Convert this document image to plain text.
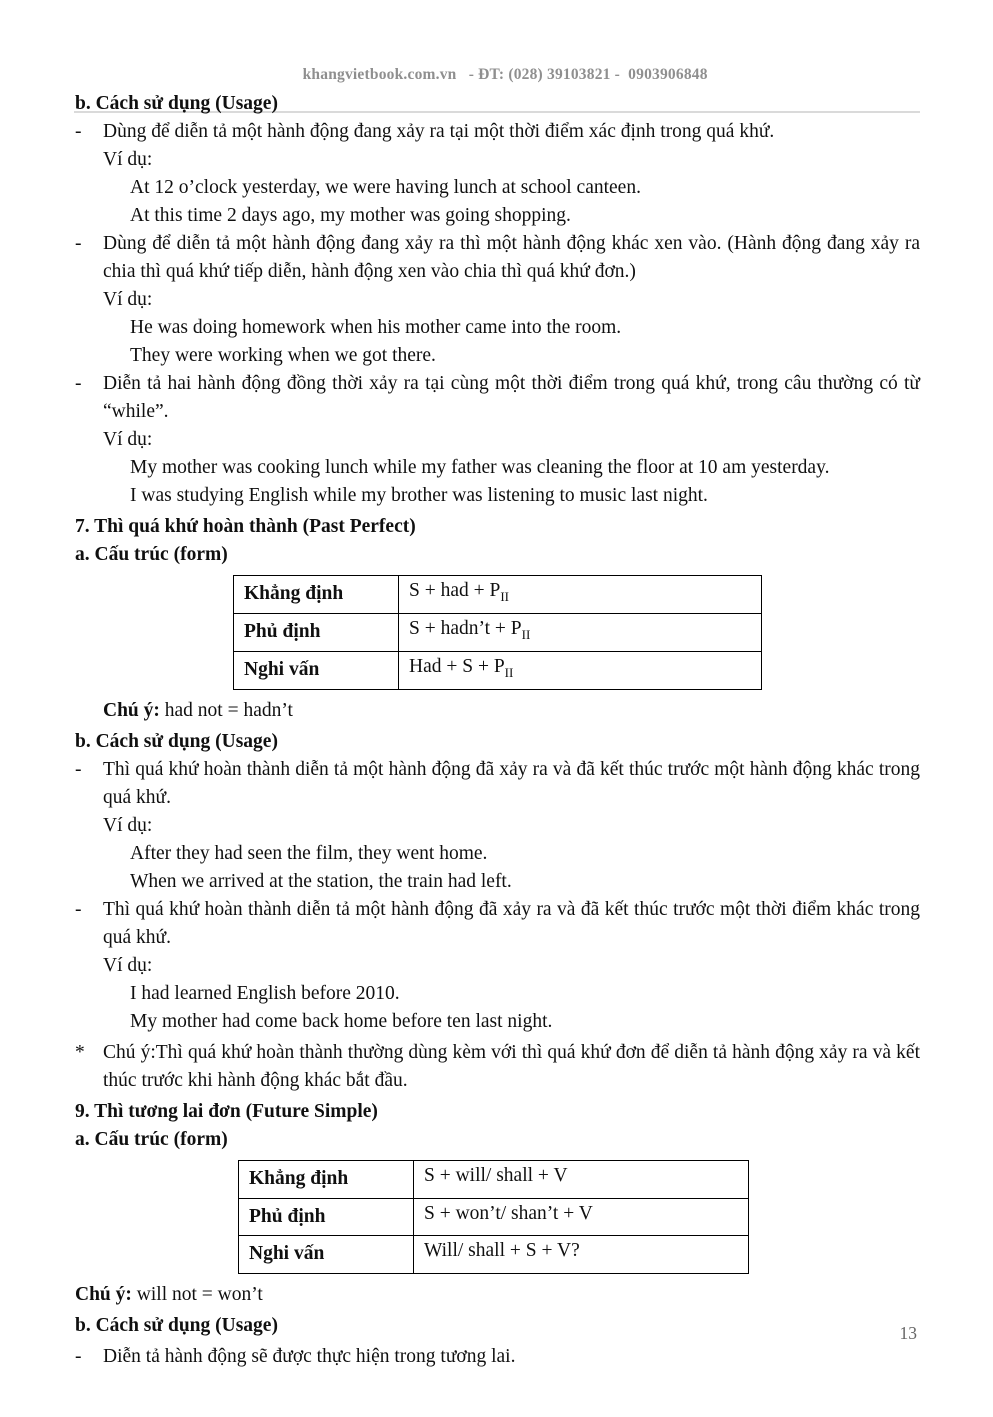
khangvietbook.com.vn   - ĐT: (028) 39103821 -  0903906848

b. Cách sử dụng (Usage)
-	Dùng để diễn tả một hành động đang xảy ra tại một thời điểm xác định trong quá khứ.
Ví dụ:
At 12 o’clock yesterday, we were having lunch at school canteen.
At this time 2 days ago, my mother was going shopping.
-	Dùng để diễn tả một hành động đang xảy ra thì một hành động khác xen vào. (Hành động đang xảy ra chia thì quá khứ tiếp diễn, hành động xen vào chia thì quá khứ đơn.)
Ví dụ:
He was doing homework when his mother came into the room.
They were working when we got there.
-	Diễn tả hai hành động đồng thời xảy ra tại cùng một thời điểm trong quá khứ, trong câu thường có từ “while”.
Ví dụ:
My mother was cooking lunch while my father was cleaning the floor at 10 am yesterday.
I was studying English while my brother was listening to music last night.
7. Thì quá khứ hoàn thành (Past Perfect)
a. Cấu trúc (form)
Khẳng định	S + had + $P_{II}$
Phủ định	S + hadn’t + $P_{II}$
Nghi vấn	Had + $S + P_{II}$
Chú ý: had not = hadn’t
b. Cách sử dụng (Usage)
-	Thì quá khứ hoàn thành diễn tả một hành động đã xảy ra và đã kết thúc trước một hành động khác trong quá khứ.
Ví dụ:
After they had seen the film, they went home.
When we arrived at the station, the train had left.
-	Thì quá khứ hoàn thành diễn tả một hành động đã xảy ra và đã kết thúc trước một thời điểm khác trong quá khứ.
Ví dụ:
I had learned English before 2010.
My mother had come back home before ten last night.
* Chú ý:Thì quá khứ hoàn thành thường dùng kèm với thì quá khứ đơn để diễn tả hành động xảy ra và kết thúc trước khi hành động khác bắt đầu.
9. Thì tương lai đơn (Future Simple)
a. Cấu trúc (form)
Khẳng định	S + will/ shall + V
Phủ định	S + won’t/ shan’t + V
Nghi vấn	Will/ shall + S + V?
Chú ý: will not = won’t
b. Cách sử dụng (Usage)
-	Diễn tả hành động sẽ được thực hiện trong tương lai.
13
